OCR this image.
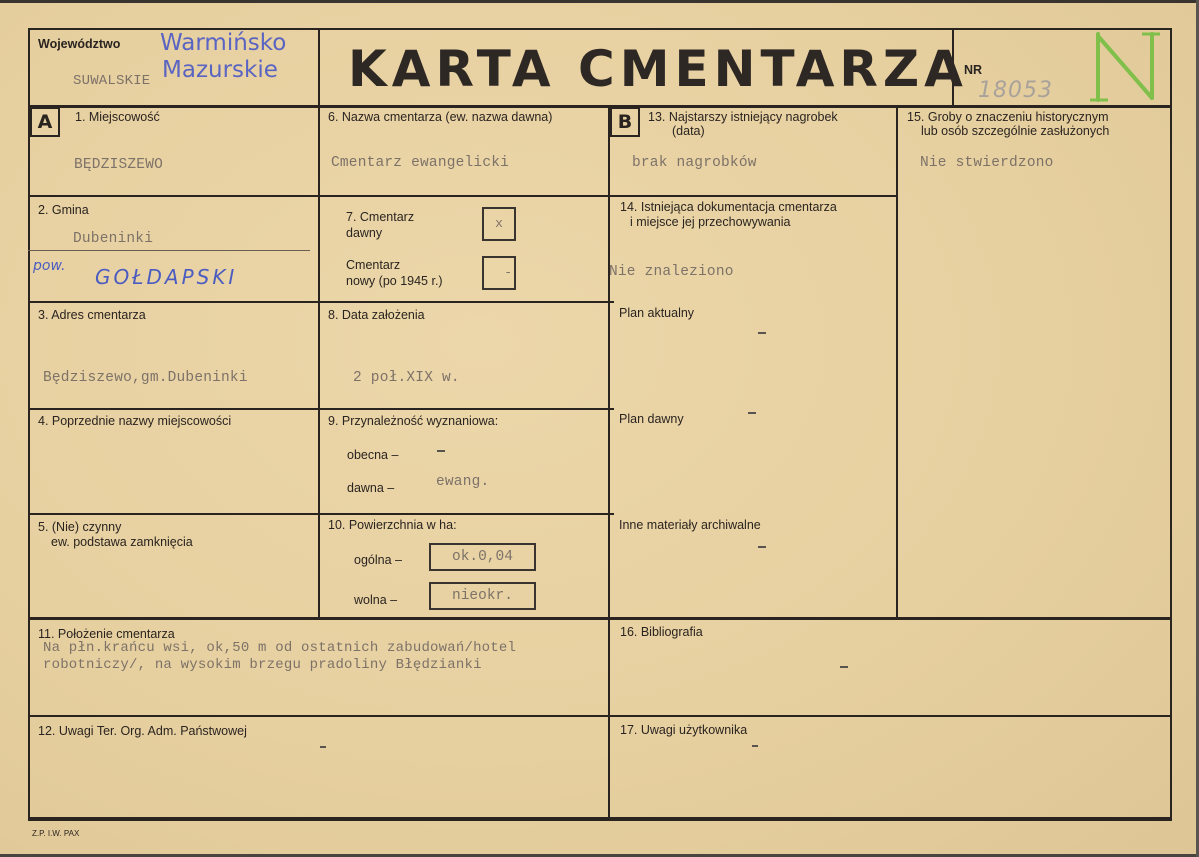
Województwo
SUWALSKIE
Warmińsko
Mazurskie KARTA CMENTARZA
NR
18053
A	B
1. Miejscowość
BĘDZISZEWO
6. Nazwa cmentarza (ew. nazwa dawna)
Cmentarz ewangelicki
2. Gmina
Dubeninki
pow. GOŁDAPSKI
7. Cmentarz
dawny
x
Cmentarz
nowy (po 1945 r.)
-
3. Adres cmentarza
Będziszewo,gm.Dubeninki
8. Data założenia
2 poł.XIX w.
4. Poprzednie nazwy miejscowości	9. Przynależność wyznaniowa:
obecna –
dawna –	ewang.
5. (Nie) czynny
ew. podstawa zamknięcia
10. Powierzchnia w ha:
ogólna –	ok.0,04
wolna –	nieokr.
11. Położenie cmentarza
Na płn.krańcu wsi, ok,50 m od ostatnich zabudowań/hotel
robotniczy/, na wysokim brzegu pradoliny Błędzianki
12. Uwagi Ter. Org. Adm. Państwowej
13. Najstarszy istniejący nagrobek
(data)
brak nagrobków
15. Groby o znaczeniu historycznym
lub osób szczególnie zasłużonych
Nie stwierdzono
14. Istniejąca dokumentacja cmentarza
i miejsce jej przechowywania
Nie znaleziono
Plan aktualny
Plan dawny
Inne materiały archiwalne
16. Bibliografia
17. Uwagi użytkownika
Z.P. I.W. PAX
